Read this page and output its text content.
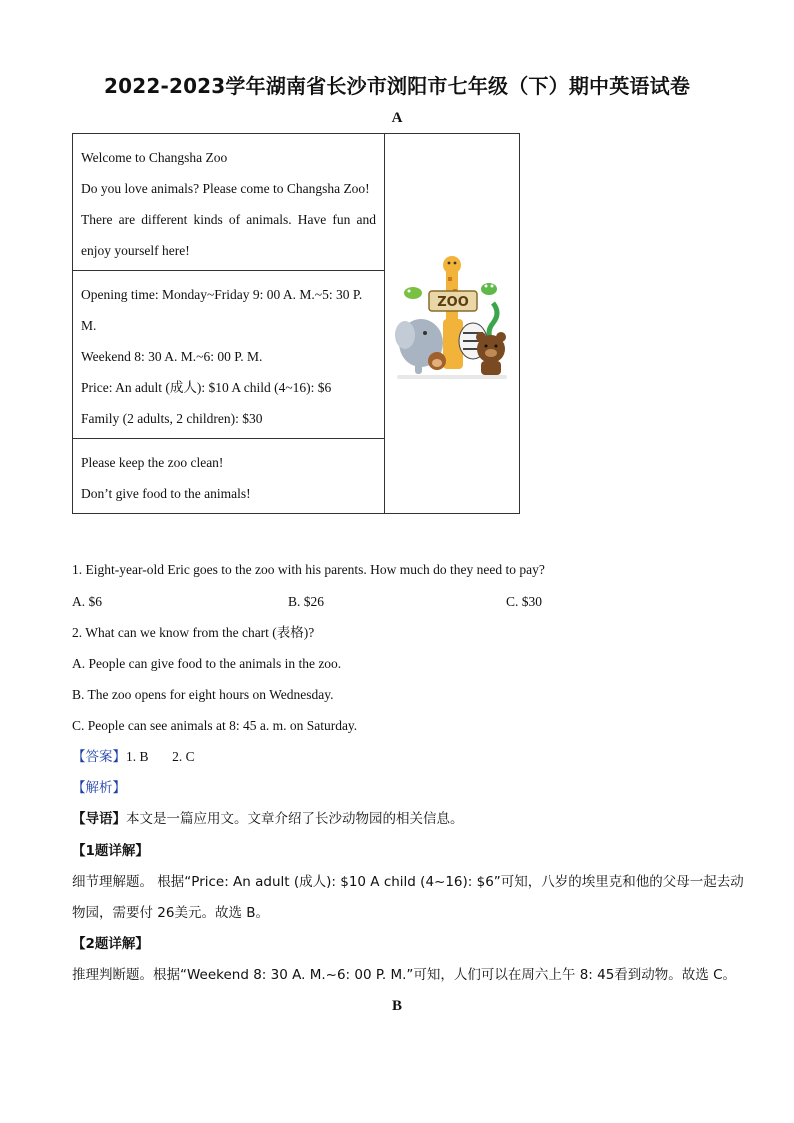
2022-2023学年湖南省长沙市浏阳市七年级（下）期中英语试卷
A
Welcome to Changsha Zoo
Do you love animals? Please come to Changsha Zoo!
There are different kinds of animals. Have fun and
enjoy yourself here!

ZOO

Opening time: Monday~Friday 9: 00 A. M.~5: 30 P.
M.
Weekend 8: 30 A. M.~6: 00 P. M.
Price: An adult (成人): $10 A child (4~16): $6
Family (2 adults, 2 children): $30

Please keep the zoo clean!
Don’t give food to the animals!
1. Eight-year-old Eric goes to the zoo with his parents. How much do they need to pay?
A. $6	B. $26	C. $30
2. What can we know from the chart (表格)?
A. People can give food to the animals in the zoo.
B. The zoo opens for eight hours on Wednesday.
C. People can see animals at 8: 45 a. m. on Saturday.
【答案】1. B       2. C
【解析】
【导语】本文是一篇应用文。文章介绍了长沙动物园的相关信息。
【1题详解】
细节理解题。 根据“Price: An adult (成人): $10 A child (4~16): $6”可知，八岁的埃里克和他的父母一起去动
物园，需要付 26美元。故选 B。
【2题详解】
推理判断题。根据“Weekend 8: 30 A. M.~6: 00 P. M.”可知，人们可以在周六上午 8: 45看到动物。故选 C。
B
